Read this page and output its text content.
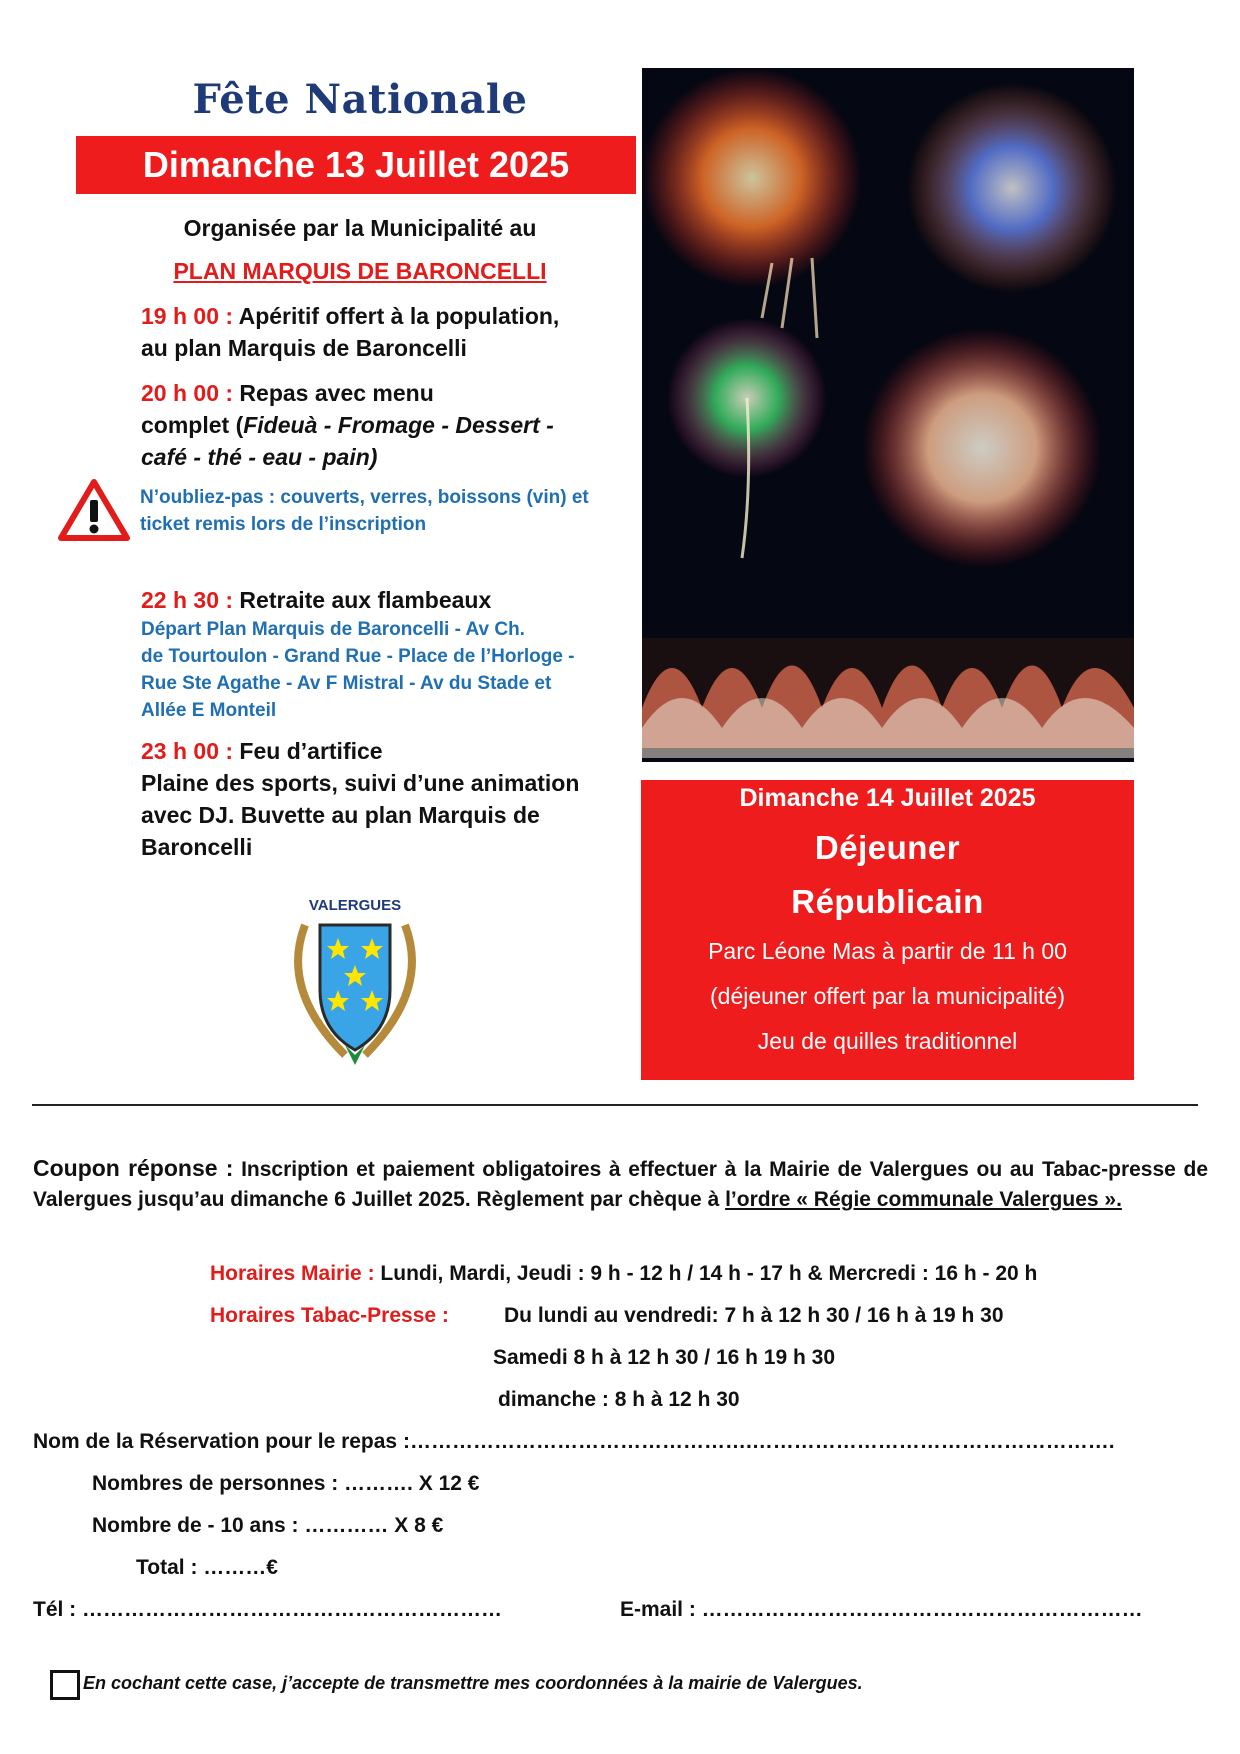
Fête Nationale
Dimanche 13 Juillet 2025
Organisée par la Municipalité au
PLAN MARQUIS DE BARONCELLI
19 h 00 : Apéritif offert à la population,
au plan Marquis de Baroncelli
20 h 00 : Repas avec menu
complet (Fideuà - Fromage - Dessert -
café - thé - eau - pain)
N’oubliez-pas : couverts, verres, boissons (vin) et
ticket remis lors de l’inscription
22 h 30 : Retraite aux flambeaux
Départ Plan Marquis de Baroncelli - Av Ch.
de Tourtoulon - Grand Rue - Place de l’Horloge -
Rue Ste Agathe - Av F Mistral - Av du Stade et
Allée E Monteil
23 h 00 : Feu d’artifice
Plaine des sports, suivi d’une animation
avec DJ. Buvette au plan Marquis de
Baroncelli
Dimanche 14 Juillet 2025
Déjeuner
Républicain
Parc Léone Mas à partir de 11 h 00
(déjeuner offert par la municipalité)
Jeu de quilles traditionnel
VALERGUES
Coupon réponse : Inscription et paiement obligatoires à effectuer à la Mairie de Valergues ou au Tabac-presse de Valergues jusqu’au dimanche 6 Juillet 2025. Règlement par chèque à l’ordre « Régie communale Valergues ».
Horaires Mairie : Lundi, Mardi, Jeudi : 9 h - 12 h / 14 h - 17 h & Mercredi : 16 h - 20 h
Horaires Tabac-Presse :	Du lundi au vendredi: 7 h à 12 h 30 / 16 h à 19 h 30
Samedi 8 h à 12 h 30 / 16 h 19 h 30
dimanche : 8 h à 12 h 30
Nom de la Réservation pour le repas :………………………………………….…………………………………………….
Nombres de personnes : ………. X 12 €
Nombre de - 10 ans : ………… X 8 €
Total : ………€
Tél : ……………………………………………………	E-mail : ………………………………………………………
En cochant cette case, j’accepte de transmettre mes coordonnées à la mairie de Valergues.
